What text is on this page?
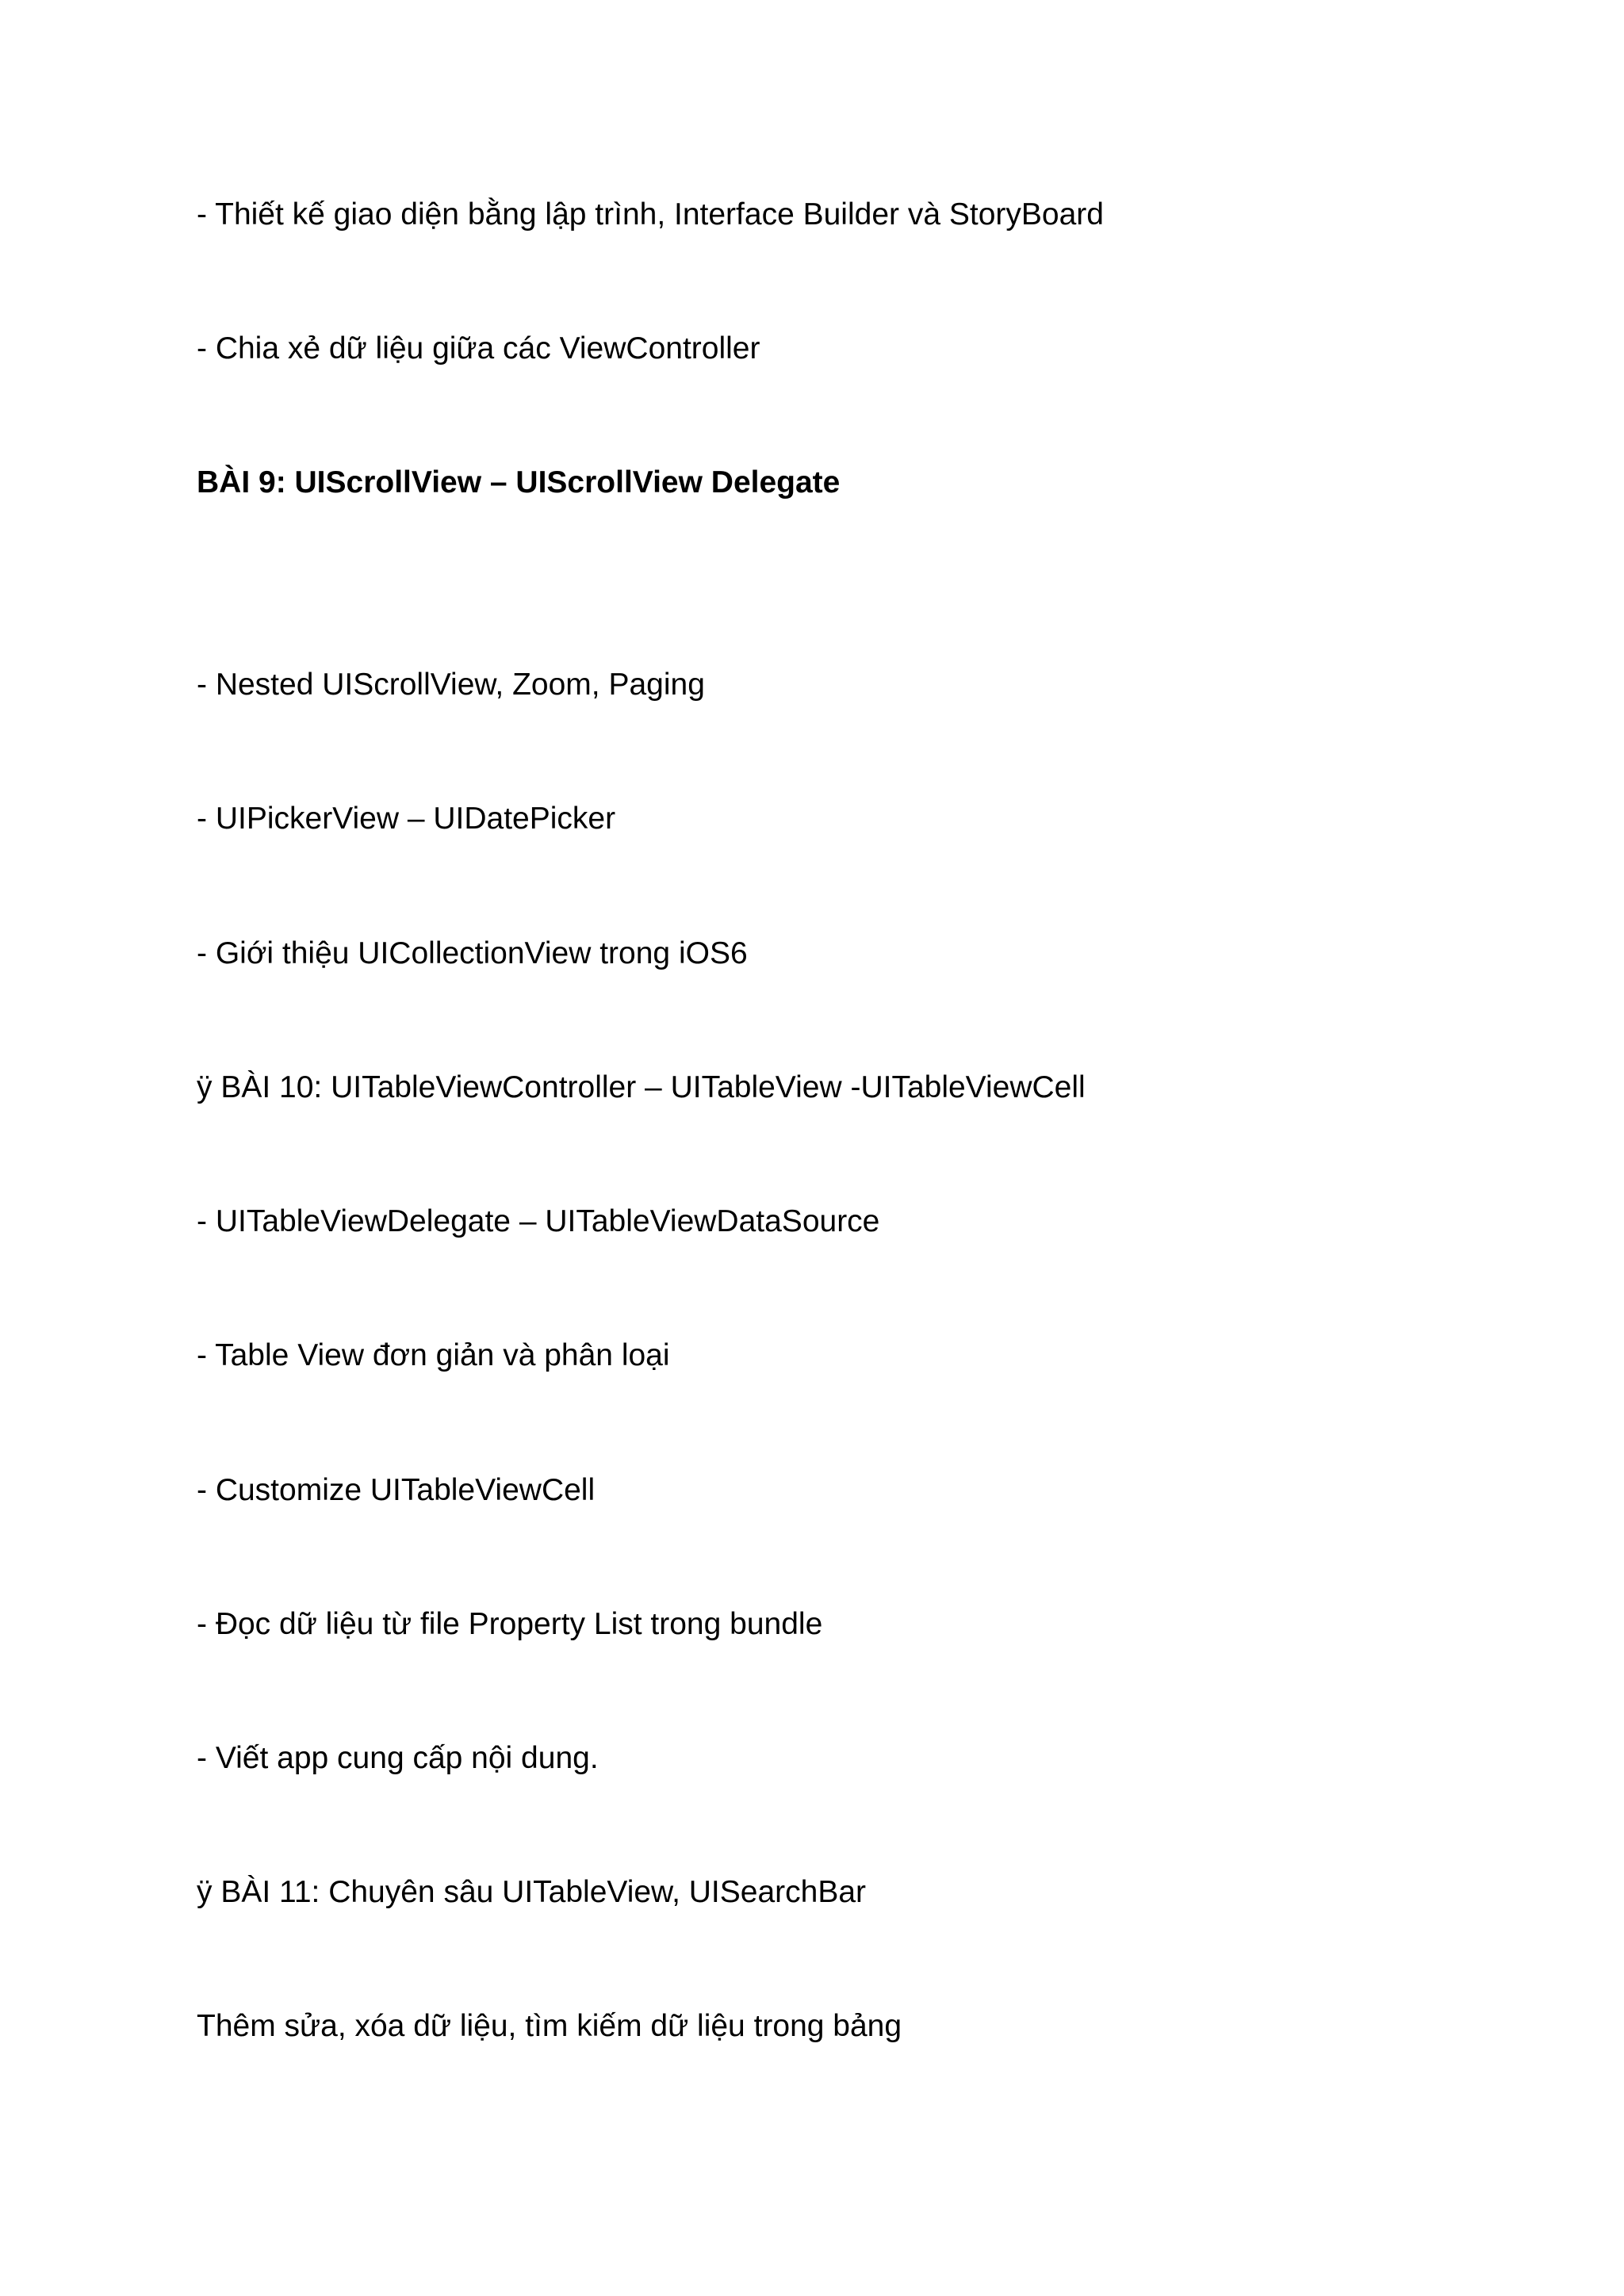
- Thiết kế giao diện bằng lập trình, Interface Builder và StoryBoard
- Chia xẻ dữ liệu giữa các ViewController
BÀI 9: UIScrollView – UIScrollView Delegate
- Nested UIScrollView, Zoom, Paging
- UIPickerView – UIDatePicker
- Giới thiệu UICollectionView trong iOS6
ÿ BÀI 10: UITableViewController – UITableView -UITableViewCell
- UITableViewDelegate – UITableViewDataSource
- Table View đơn giản và phân loại
- Customize UITableViewCell
- Đọc dữ liệu từ file Property List trong bundle
- Viết app cung cấp nội dung.
ÿ BÀI 11: Chuyên sâu UITableView, UISearchBar
Thêm sửa, xóa dữ liệu, tìm kiếm dữ liệu trong bảng
